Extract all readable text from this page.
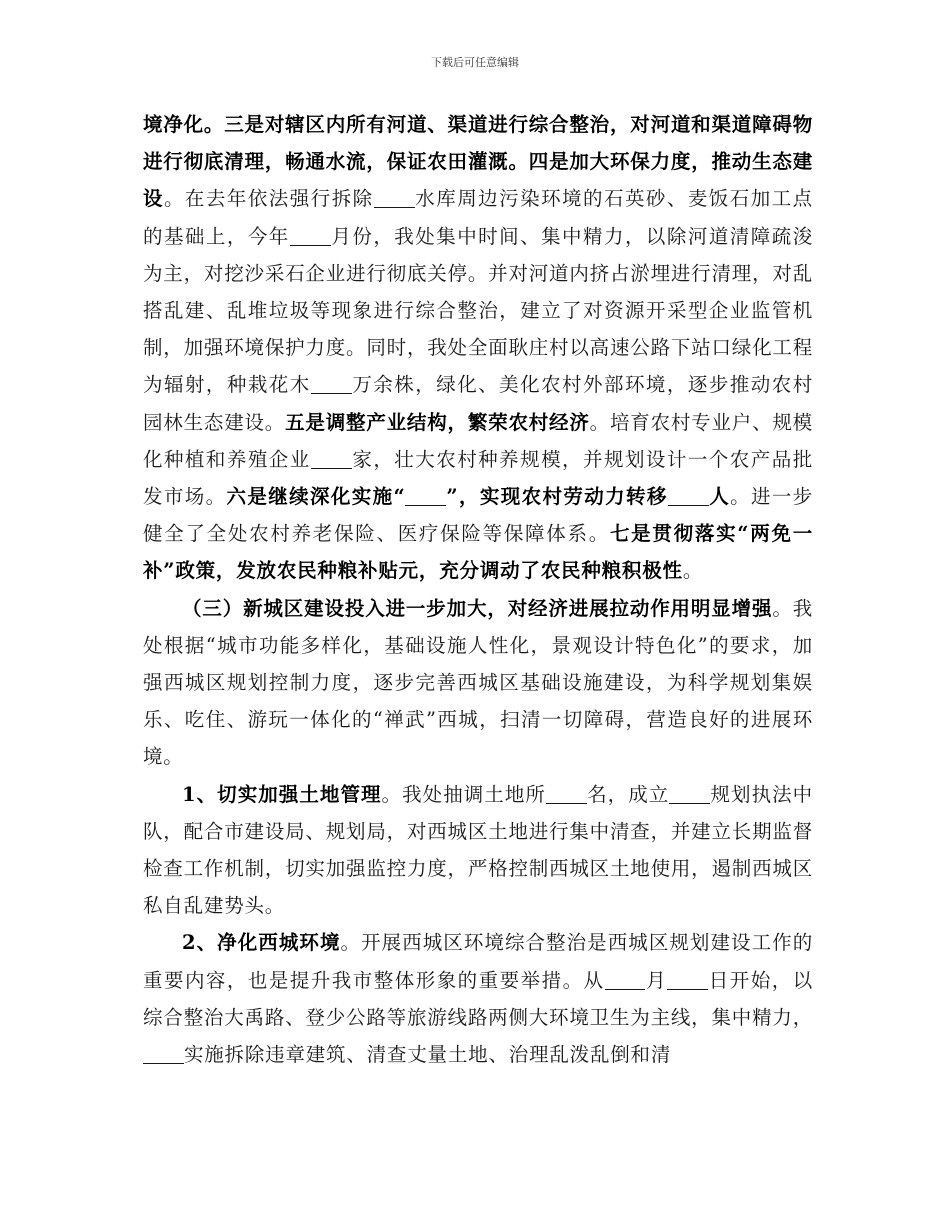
下载后可任意编辑

境净化。三是对辖区内所有河道、渠道进行综合整治，对河道和渠道障碍物进行彻底清理，畅通水流，保证农田灌溉。四是加大环保力度，推动生态建设。在去年依法强行拆除 水库周边污染环境的石英砂、麦饭石加工点的基础上，今年 月份，我处集中时间、集中精力，以除河道清障疏浚为主，对挖沙采石企业进行彻底关停。并对河道内挤占淤埋进行清理，对乱搭乱建、乱堆垃圾等现象进行综合整治，建立了对资源开采型企业监管机制，加强环境保护力度。同时，我处全面耿庄村以高速公路下站口绿化工程为辐射，种栽花木 万余株，绿化、美化农村外部环境，逐步推动农村园林生态建设。五是调整产业结构，繁荣农村经济。培育农村专业户、规模化种植和养殖企业 家，壮大农村种养规模，并规划设计一个农产品批发市场。六是继续深化实施“ ”，实现农村劳动力转移 人。进一步健全了全处农村养老保险、医疗保险等保障体系。七是贯彻落实“两免一补”政策，发放农民种粮补贴元，充分调动了农民种粮积极性。

（三）新城区建设投入进一步加大，对经济进展拉动作用明显增强。我处根据“城市功能多样化，基础设施人性化，景观设计特色化”的要求，加强西城区规划控制力度，逐步完善西城区基础设施建设，为科学规划集娱乐、吃住、游玩一体化的“禅武”西城，扫清一切障碍，营造良好的进展环境。

1、切实加强土地管理。我处抽调土地所 名，成立 规划执法中队，配合市建设局、规划局，对西城区土地进行集中清查，并建立长期监督检查工作机制，切实加强监控力度，严格控制西城区土地使用，遏制西城区私自乱建势头。

2、净化西城环境。开展西城区环境综合整治是西城区规划建设工作的重要内容，也是提升我市整体形象的重要举措。从 月 日开始，以综合整治大禹路、登少公路等旅游线路两侧大环境卫生为主线，集中精力，实施拆除违章建筑、清查丈量土地、治理乱泼乱倒和清
